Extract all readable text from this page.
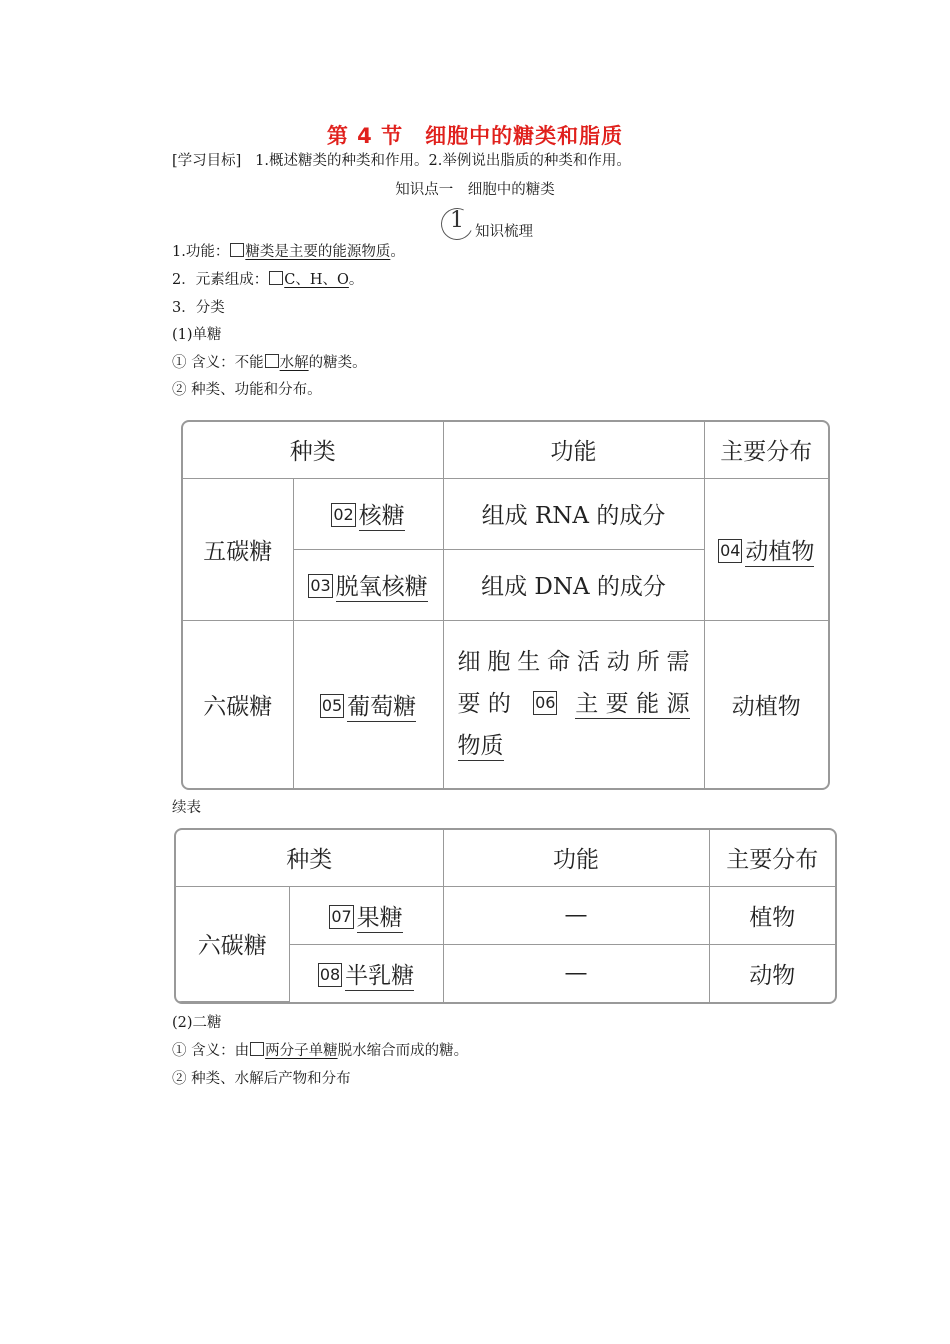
第 4 节 细胞中的糖类和脂质
[学习目标] 1.概述糖类的种类和作用。2.举例说出脂质的种类和作用。
知识点一　细胞中的糖类
1 知识梳理
1.功能： 糖类是主要的能源物质。
2．元素组成： C、H、O。
3．分类
(1)单糖
① 含义：不能 水解的糖类。
② 种类、功能和分布。
种类		功能	主要分布
五碳糖	02 核糖	组成 RNA 的成分	04 动植物
	03 脱氧核糖	组成 DNA 的成分	
六碳糖	05 葡萄糖	细胞生命活动所需
要的 06 主要能源
物质	动植物
续表
种类		功能	主要分布
六碳糖	07 果糖	—	植物
	08 半乳糖	—	动物
(2)二糖
① 含义：由 两分子单糖脱水缩合而成的糖。
② 种类、水解后产物和分布
